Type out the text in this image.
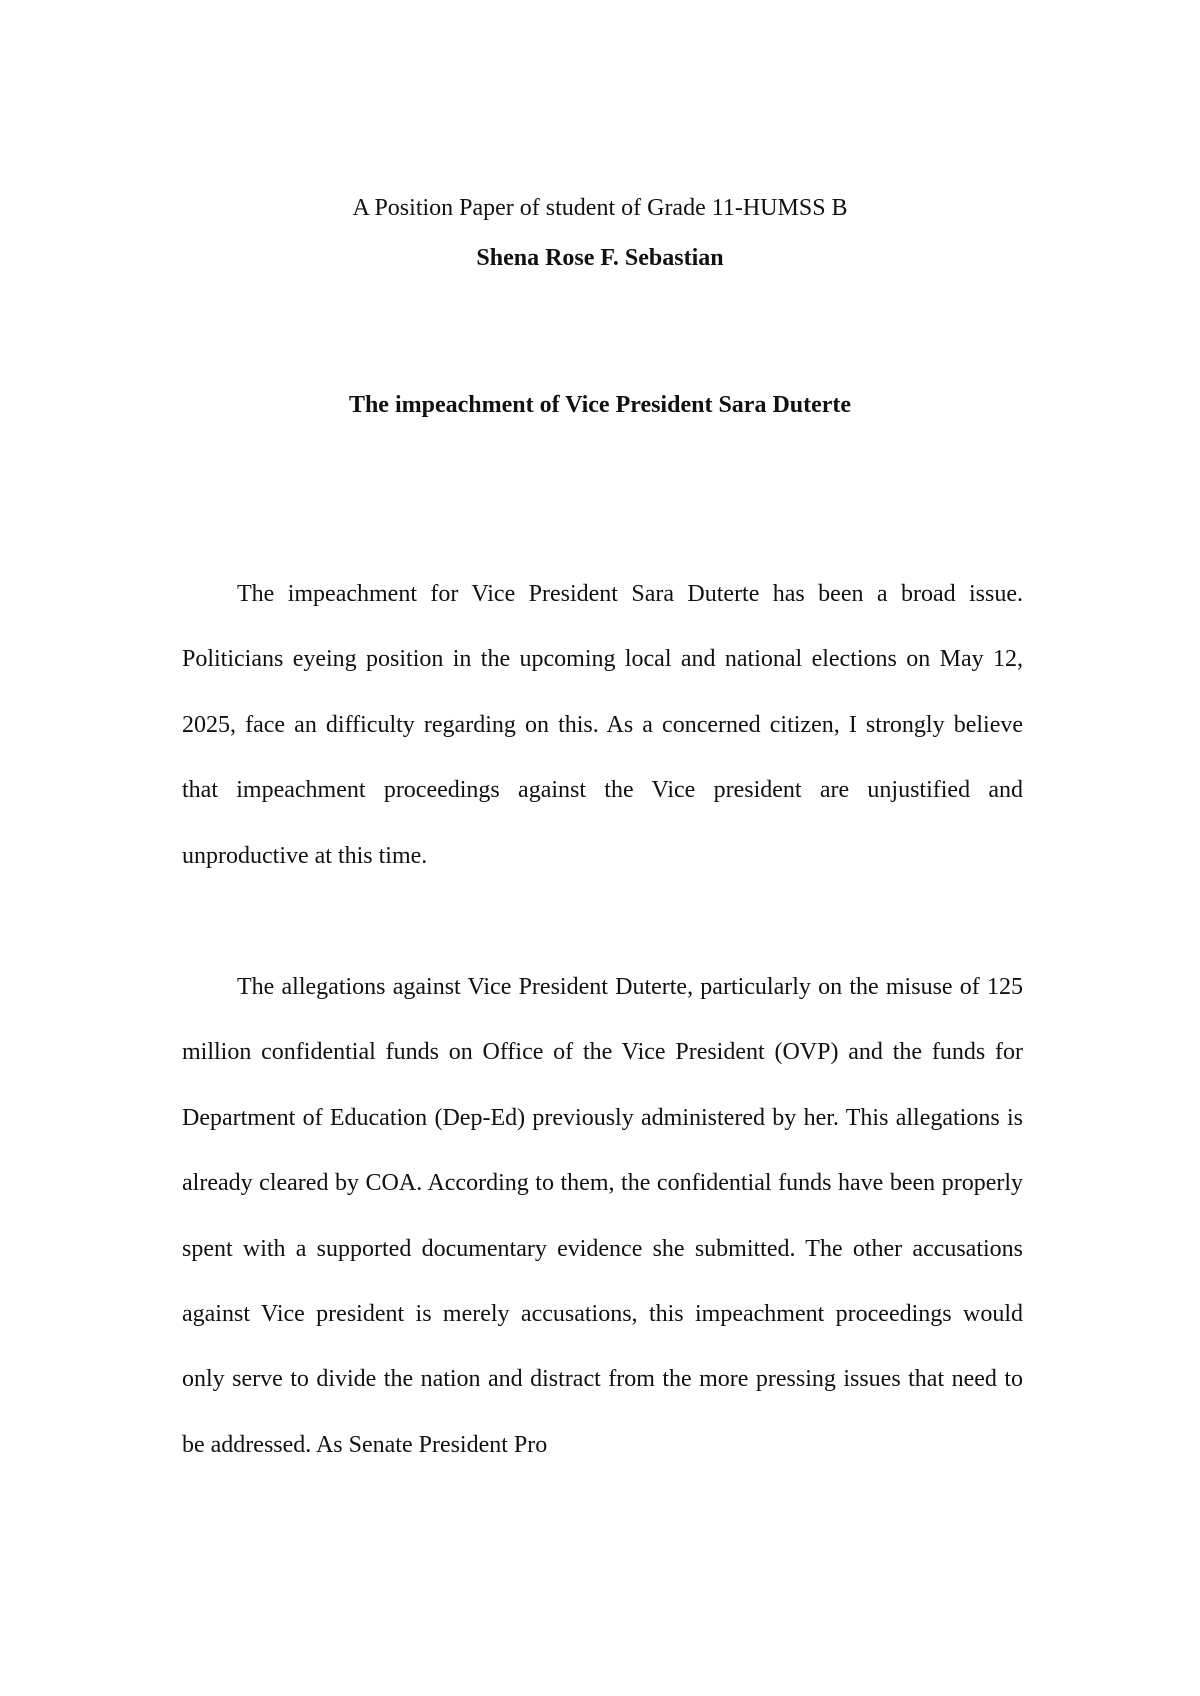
A Position Paper of student of Grade 11-HUMSS B

Shena Rose F. Sebastian

The impeachment of Vice President Sara Duterte

The impeachment for Vice President Sara Duterte has been a broad issue. Politicians eyeing position in the upcoming local and national elections on May 12, 2025, face an difficulty regarding on this. As a concerned citizen, I strongly believe that impeachment proceedings against the Vice president are unjustified and unproductive at this time.

The allegations against Vice President Duterte, particularly on the misuse of 125 million confidential funds on Office of the Vice President (OVP) and the funds for Department of Education (Dep-Ed) previously administered by her. This allegations is already cleared by COA. According to them, the confidential funds have been properly spent with a supported documentary evidence she submitted. The other accusations against Vice president is merely accusations, this impeachment proceedings would only serve to divide the nation and distract from the more pressing issues that need to be addressed. As Senate President Pro
